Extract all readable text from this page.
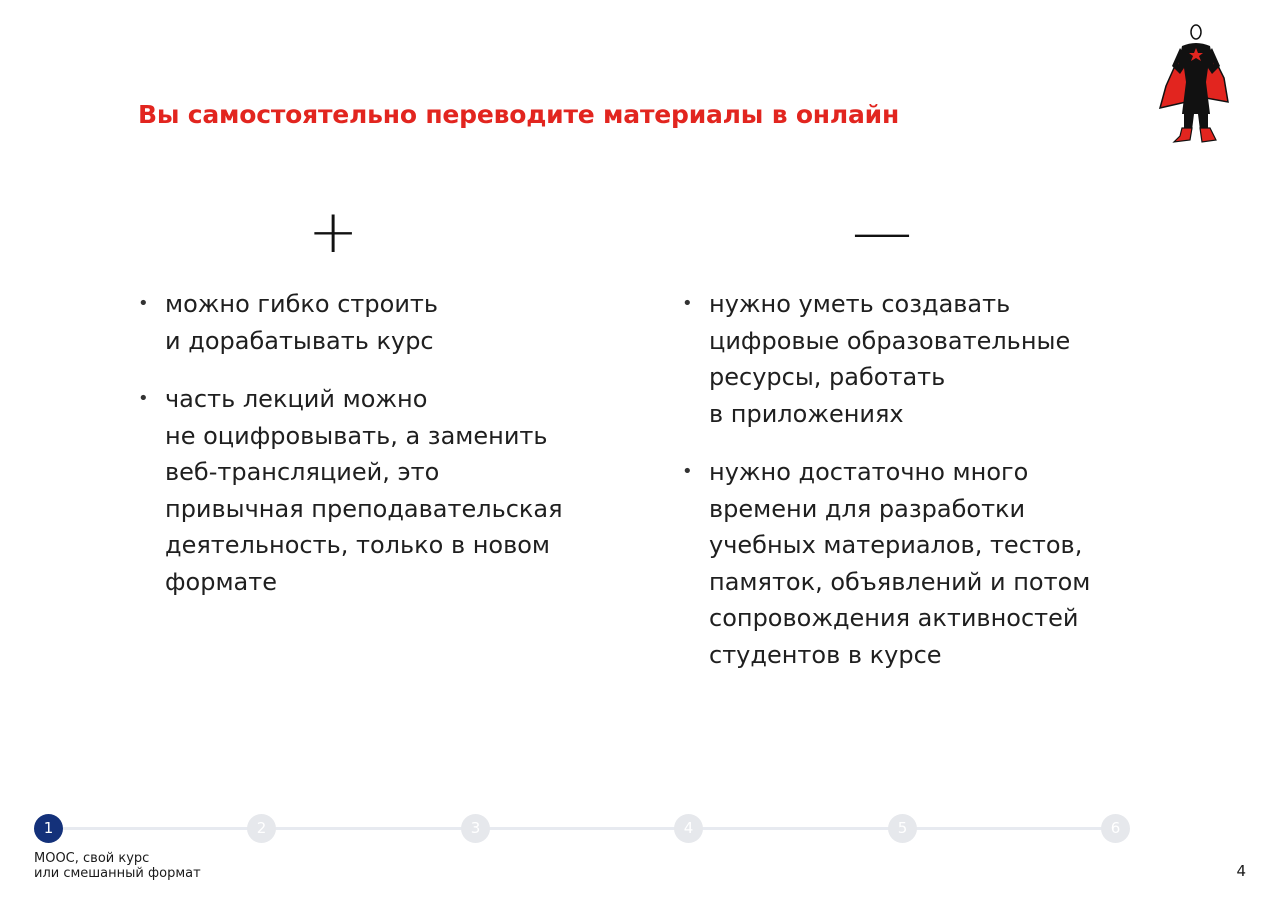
Вы самостоятельно переводите материалы в онлайн
+
• можно гибко строить
и дорабатывать курс
• часть лекций можно
не оцифровывать, а заменить
веб-трансляцией, это
привычная преподавательская
деятельность, только в новом
формате
—
• нужно уметь создавать
цифровые образовательные
ресурсы, работать
в приложениях
• нужно достаточно много
времени для разработки
учебных материалов, тестов,
памяток, объявлений и потом
сопровождения активностей
студентов в курсе
1	2	3	4	5	6
МООС, свой курс
или смешанный формат	4
